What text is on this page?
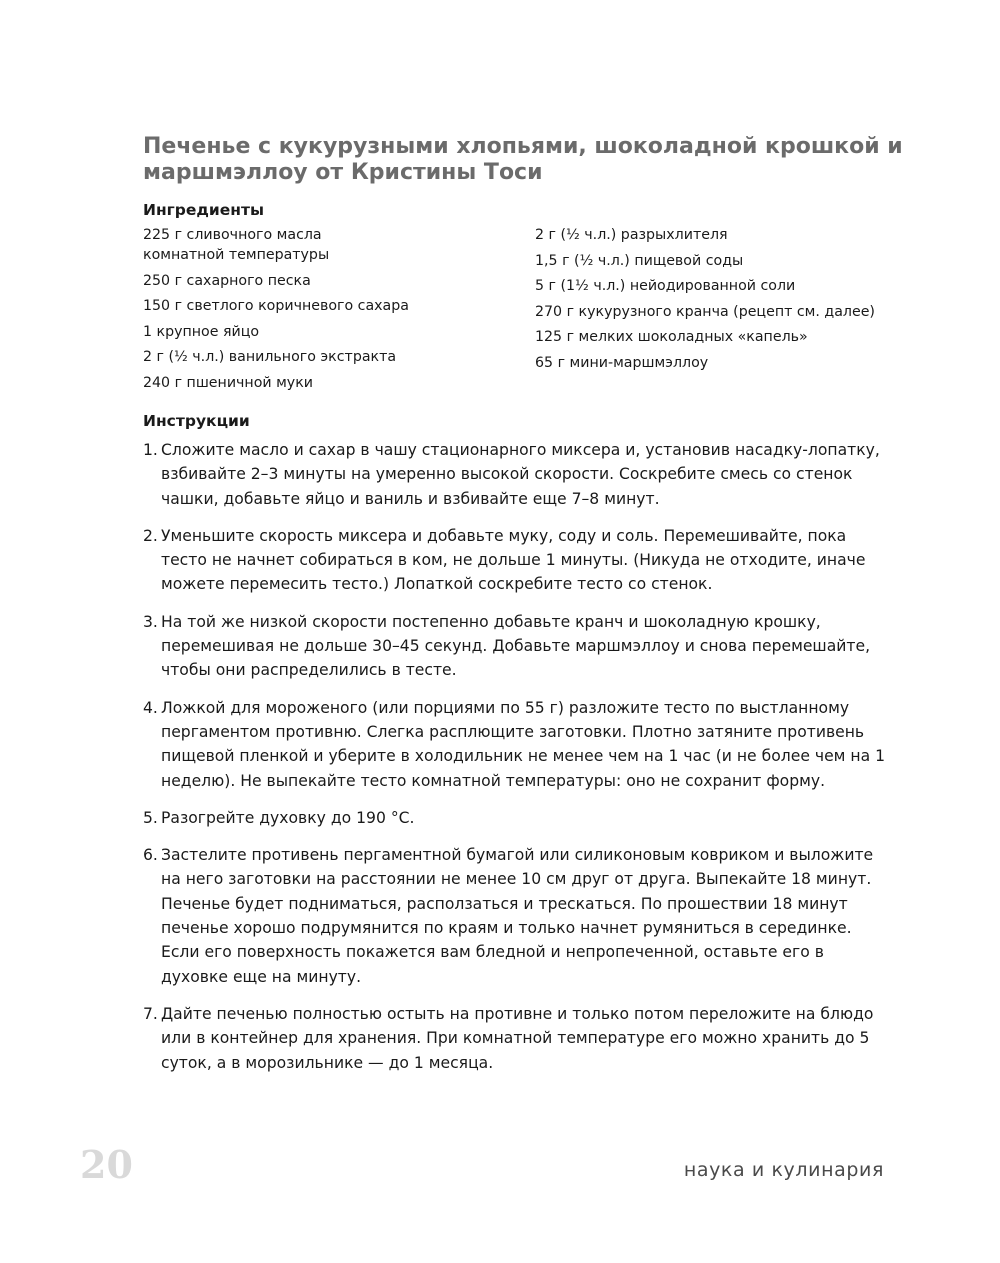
Печенье с кукурузными хлопьями, шоколадной крошкой и маршмэллоу от Кристины Тоси
Ингредиенты
225 г сливочного масла комнатной температуры
250 г сахарного песка
150 г светлого коричневого сахара
1 крупное яйцо
2 г (½ ч.л.) ванильного экстракта
240 г пшеничной муки
2 г (½ ч.л.) разрыхлителя
1,5 г (½ ч.л.) пищевой соды
5 г (1½ ч.л.) нейодированной соли
270 г кукурузного кранча (рецепт см. далее)
125 г мелких шоколадных «капель»
65 г мини-маршмэллоу
Инструкции
1. Сложите масло и сахар в чашу стационарного миксера и, установив насадку-лопатку, взбивайте 2–3 минуты на умеренно высокой скорости. Соскребите смесь со стенок чашки, добавьте яйцо и ваниль и взбивайте еще 7–8 минут.
2. Уменьшите скорость миксера и добавьте муку, соду и соль. Перемешивайте, пока тесто не начнет собираться в ком, не дольше 1 минуты. (Никуда не отходите, иначе можете перемесить тесто.) Лопаткой соскребите тесто со стенок.
3. На той же низкой скорости постепенно добавьте кранч и шоколадную крошку, перемешивая не дольше 30–45 секунд. Добавьте маршмэллоу и снова перемешайте, чтобы они распределились в тесте.
4. Ложкой для мороженого (или порциями по 55 г) разложите тесто по выстланному пергаментом противню. Слегка расплющите заготовки. Плотно затяните противень пищевой пленкой и уберите в холодильник не менее чем на 1 час (и не более чем на 1 неделю). Не выпекайте тесто комнатной температуры: оно не сохранит форму.
5. Разогрейте духовку до 190 °C.
6. Застелите противень пергаментной бумагой или силиконовым ковриком и выложите на него заготовки на расстоянии не менее 10 см друг от друга. Выпекайте 18 минут. Печенье будет подниматься, расползаться и трескаться. По прошествии 18 минут печенье хорошо подрумянится по краям и только начнет румяниться в серединке. Если его поверхность покажется вам бледной и непропеченной, оставьте его в духовке еще на минуту.
7. Дайте печенью полностью остыть на противне и только потом переложите на блюдо или в контейнер для хранения. При комнатной температуре его можно хранить до 5 суток, а в морозильнике — до 1 месяца.
20	наука и кулинария
